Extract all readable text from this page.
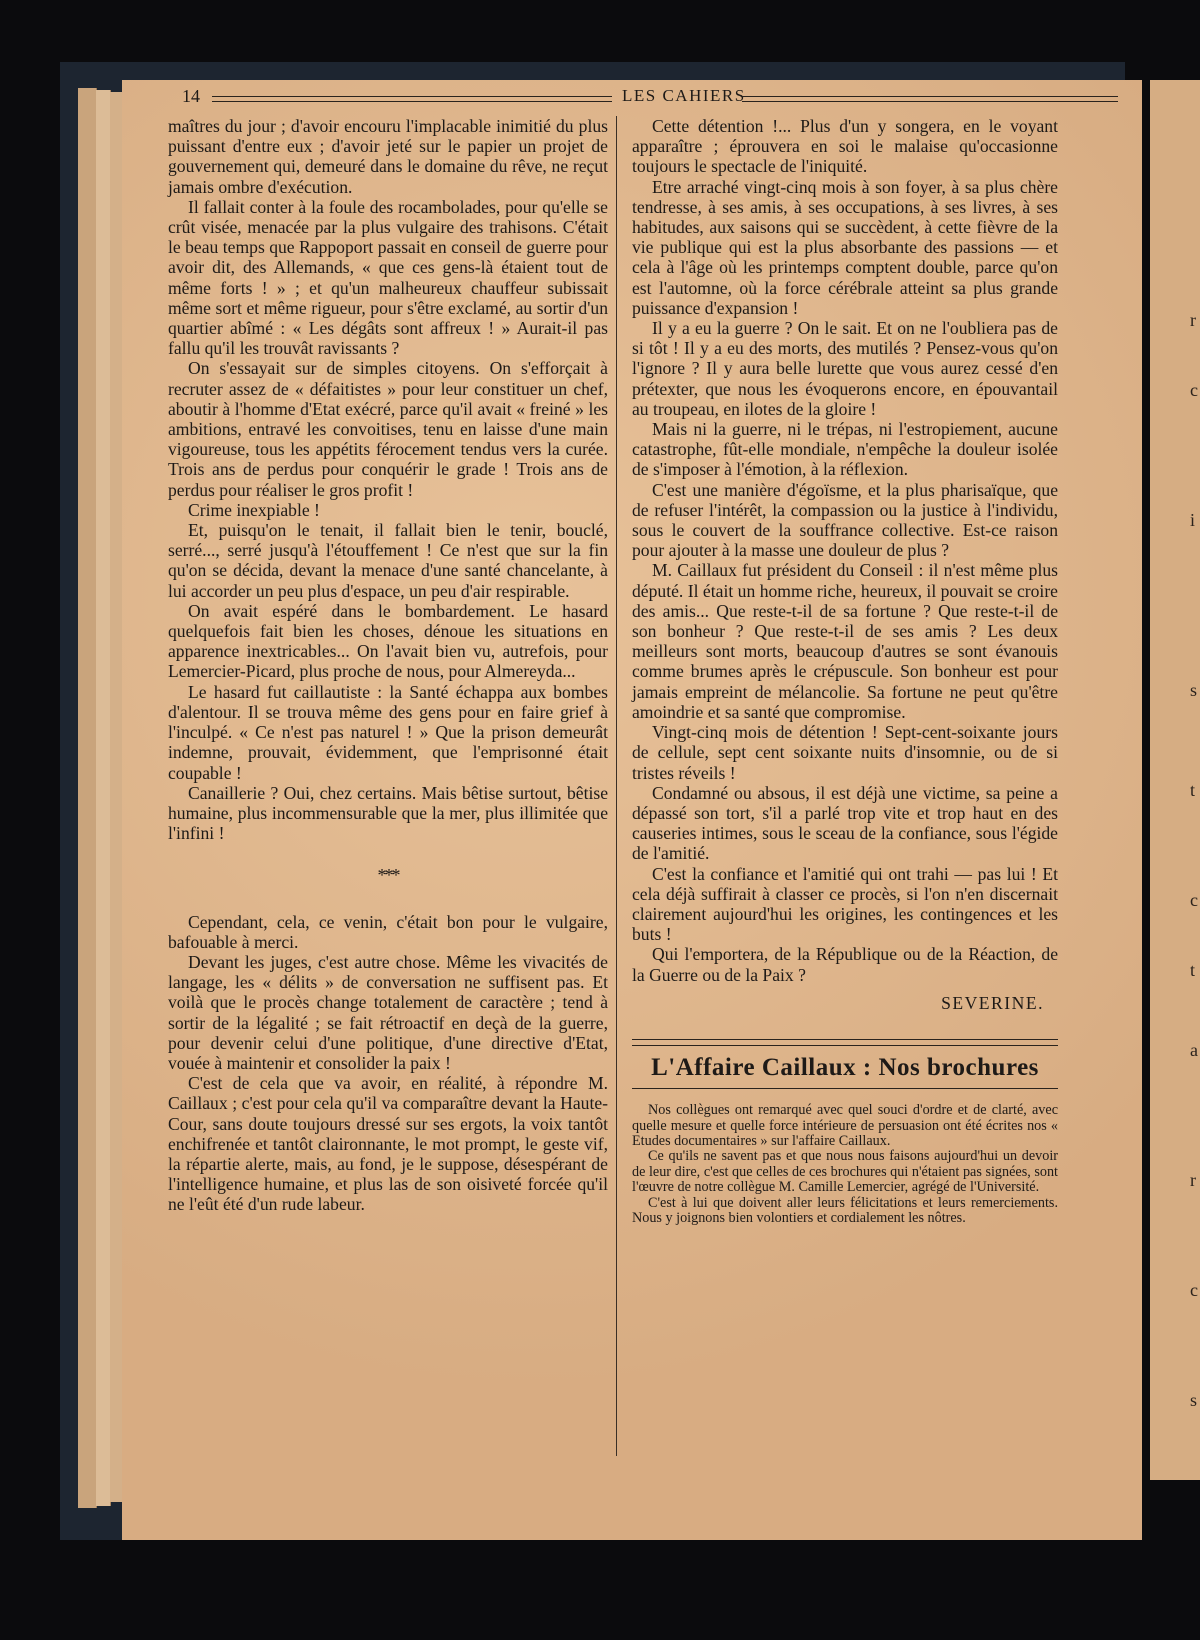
r
c
i
s
t
c
t
a
r
c
s
14	LES CAHIERS

maîtres du jour ; d'avoir encouru l'implacable inimitié du plus puissant d'entre eux ; d'avoir jeté sur le papier un projet de gouvernement qui, demeuré dans le domaine du rêve, ne reçut jamais ombre d'exécution.

Il fallait conter à la foule des rocambolades, pour qu'elle se crût visée, menacée par la plus vulgaire des trahisons. C'était le beau temps que Rappoport passait en conseil de guerre pour avoir dit, des Allemands, « que ces gens-là étaient tout de même forts ! » ; et qu'un malheureux chauffeur subissait même sort et même rigueur, pour s'être exclamé, au sortir d'un quartier abîmé : « Les dégâts sont affreux ! » Aurait-il pas fallu qu'il les trouvât ravissants ?

On s'essayait sur de simples citoyens. On s'efforçait à recruter assez de « défaitistes » pour leur constituer un chef, aboutir à l'homme d'Etat exécré, parce qu'il avait « freiné » les ambitions, entravé les convoitises, tenu en laisse d'une main vigoureuse, tous les appétits férocement tendus vers la curée. Trois ans de perdus pour conquérir le grade ! Trois ans de perdus pour réaliser le gros profit !

Crime inexpiable !

Et, puisqu'on le tenait, il fallait bien le tenir, bouclé, serré..., serré jusqu'à l'étouffement ! Ce n'est que sur la fin qu'on se décida, devant la menace d'une santé chancelante, à lui accorder un peu plus d'espace, un peu d'air respirable.

On avait espéré dans le bombardement. Le hasard quelquefois fait bien les choses, dénoue les situations en apparence inextricables... On l'avait bien vu, autrefois, pour Lemercier-Picard, plus proche de nous, pour Almereyda...

Le hasard fut caillautiste : la Santé échappa aux bombes d'alentour. Il se trouva même des gens pour en faire grief à l'inculpé. « Ce n'est pas naturel ! » Que la prison demeurât indemne, prouvait, évidemment, que l'emprisonné était coupable !

Canaillerie ? Oui, chez certains. Mais bêtise surtout, bêtise humaine, plus incommensurable que la mer, plus illimitée que l'infini !

***

Cependant, cela, ce venin, c'était bon pour le vulgaire, bafouable à merci.

Devant les juges, c'est autre chose. Même les vivacités de langage, les « délits » de conversation ne suffisent pas. Et voilà que le procès change totalement de caractère ; tend à sortir de la légalité ; se fait rétroactif en deçà de la guerre, pour devenir celui d'une politique, d'une directive d'Etat, vouée à maintenir et consolider la paix !

C'est de cela que va avoir, en réalité, à répondre M. Caillaux ; c'est pour cela qu'il va comparaître devant la Haute-Cour, sans doute toujours dressé sur ses ergots, la voix tantôt enchifrenée et tantôt claironnante, le mot prompt, le geste vif, la répartie alerte, mais, au fond, je le suppose, désespérant de l'intelligence humaine, et plus las de son oisiveté forcée qu'il ne l'eût été d'un rude labeur.

Cette détention !... Plus d'un y songera, en le voyant apparaître ; éprouvera en soi le malaise qu'occasionne toujours le spectacle de l'iniquité.

Etre arraché vingt-cinq mois à son foyer, à sa plus chère tendresse, à ses amis, à ses occupations, à ses livres, à ses habitudes, aux saisons qui se succèdent, à cette fièvre de la vie publique qui est la plus absorbante des passions — et cela à l'âge où les printemps comptent double, parce qu'on est l'automne, où la force cérébrale atteint sa plus grande puissance d'expansion !

Il y a eu la guerre ? On le sait. Et on ne l'oubliera pas de si tôt ! Il y a eu des morts, des mutilés ? Pensez-vous qu'on l'ignore ? Il y aura belle lurette que vous aurez cessé d'en prétexter, que nous les évoquerons encore, en épouvantail au troupeau, en ilotes de la gloire !

Mais ni la guerre, ni le trépas, ni l'estropiement, aucune catastrophe, fût-elle mondiale, n'empêche la douleur isolée de s'imposer à l'émotion, à la réflexion.

C'est une manière d'égoïsme, et la plus pharisaïque, que de refuser l'intérêt, la compassion ou la justice à l'individu, sous le couvert de la souffrance collective. Est-ce raison pour ajouter à la masse une douleur de plus ?

M. Caillaux fut président du Conseil : il n'est même plus député. Il était un homme riche, heureux, il pouvait se croire des amis... Que reste-t-il de sa fortune ? Que reste-t-il de son bonheur ? Que reste-t-il de ses amis ? Les deux meilleurs sont morts, beaucoup d'autres se sont évanouis comme brumes après le crépuscule. Son bonheur est pour jamais empreint de mélancolie. Sa fortune ne peut qu'être amoindrie et sa santé que compromise.

Vingt-cinq mois de détention ! Sept-cent-soixante jours de cellule, sept cent soixante nuits d'insomnie, ou de si tristes réveils !

Condamné ou absous, il est déjà une victime, sa peine a dépassé son tort, s'il a parlé trop vite et trop haut en des causeries intimes, sous le sceau de la confiance, sous l'égide de l'amitié.

C'est la confiance et l'amitié qui ont trahi — pas lui ! Et cela déjà suffirait à classer ce procès, si l'on n'en discernait clairement aujourd'hui les origines, les contingences et les buts !

Qui l'emportera, de la République ou de la Réaction, de la Guerre ou de la Paix ?

SEVERINE.
L'Affaire Caillaux : Nos brochures

Nos collègues ont remarqué avec quel souci d'ordre et de clarté, avec quelle mesure et quelle force intérieure de persuasion ont été écrites nos « Etudes documentaires » sur l'affaire Caillaux.

Ce qu'ils ne savent pas et que nous nous faisons aujourd'hui un devoir de leur dire, c'est que celles de ces brochures qui n'étaient pas signées, sont l'œuvre de notre collègue M. Camille Lemercier, agrégé de l'Université.

C'est à lui que doivent aller leurs félicitations et leurs remerciements. Nous y joignons bien volontiers et cordialement les nôtres.
